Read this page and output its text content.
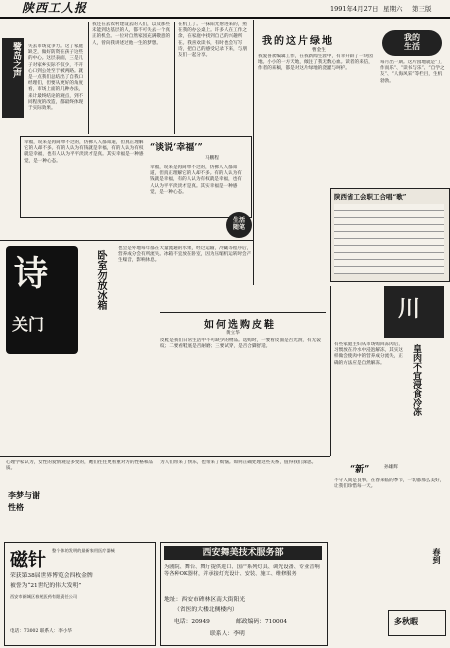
陕西工人报	1991年4月27日 星期六 第三版
鹭岛之声 失去市场竞争力。这了家庭缺乏，做好防资在孩子这些的中心。这层表面，三是儿子对家乡实际不仅少，不开心口到公处至于被两路。就是一点我们总结出了自我口经理们，但要从更好的角度看，市场上面的几种办法，来计最终结论的观点，到不同程度的改造，都最终体现于实际效果。
我还在去农村建设去的人们，以及那些未能到达基层的人，都不可失去一个真正的机会。一位对自然家园充满敬意的人，曾向我讲述过他一生的梦想。
在机工了。一抹阳光射进来的，照在我的办公桌上。许多人在工作之余，在家庭中找到自己的兴趣所在。我喜欢读书，有时也会写写诗，把自己的感受记录下来，与朋友们一起分享。
“谈说‘幸福’”
马鹏程
幸福，说来是再简单不过的，仿佛人人都知道，但真正理解它的人却不多。有的人认为有钱就是幸福，有的人认为有权就是幸福，也有人认为平平淡淡才是真。其实幸福是一种感觉，是一种心态。
幸福，说来是再简单不过的，仿佛人人都知道，但真正理解它的人却不多。有的人认为有钱就是幸福，有的人认为有权就是幸福，也有人认为平平淡淡才是真。其实幸福是一种感觉，是一种心态。
生活
随笔
我的这片绿地
曹金生
我爱喜欢编辑工作，在我新闻生涯中，有幸开辟了一块园地。小小的一方天地，倾注了我无数心血。读者的来信，作者的来稿，都是对这片绿地的浇灌与呵护。
我的
生活
每月出一期。这片园地就是“工作而乐”、“读书与乐”、“自学之友”、“人海风采”等栏目，生机勃勃。
陕西省工会职工合唱“歌”
诗
关门
卧室勿放冰箱
也会是外地每年都在大量流通的水果，经过运输，冷藏等程序后，营养成分会有所流失。冰箱不宜放在卧室，因为压缩机运转时会产生噪音，影响休息。
如何选购皮鞋
黄立华
皮鞋是我们日常生活中不可缺少的物品。选购时，一要看皮面是否光滑，有无裂纹；二要看鞋底是否耐磨；三要试穿，是否合脚舒适。
川
有些家庭主妇从市场购回冻肉后，习惯放在冷水中浸泡解冻，其实这样做会使肉中的营养成分流失，正确的方法应是自然解冻。	皇肉不宜浸食冷冻
心理学家认为，女性的爱情观是多变的，她们往往更看重对方的性格和品质。
李梦与谢
性格
为人们带来了快乐，也带来了烦恼。如何正确处理这些关系，值得我们深思。
“新”	孙雄辉
不守人间是良事，在春来临的季节，一切都那么美好，让我们珍惜每一天。
春到
磁针 整个体的发明的最新家用医疗器械
荣获第38届世界博览会四枚金牌
被誉为“21世纪的伟大发明”
西安市新城区春苑医药有限责任公司
电话：73002 联系人：李小华
西安舞美技术服务部
为剧院、舞台、舞厅提供进口、国产系列灯具、调光设备、专业音响等各种OK器材，并承接灯光设计、安装、施工、维修服务
地址：西安市碑林区南大街阳光
（省医的大楼北侧楼内）
电话：20949	邮政编码：710004
联系人：李明
多秋暇
